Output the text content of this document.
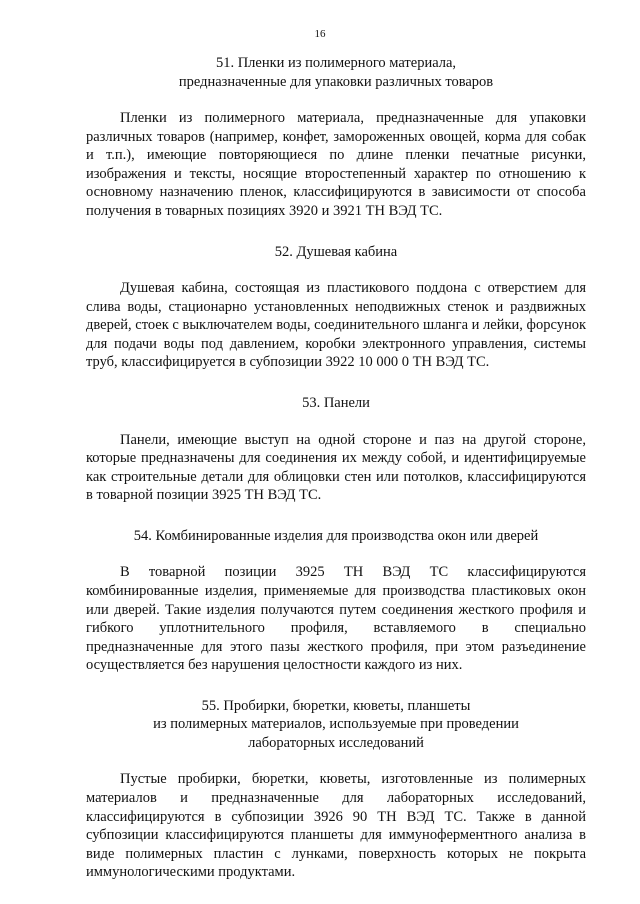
16
51. Пленки из полимерного материала,
предназначенные для упаковки различных товаров

Пленки из полимерного материала, предназначенные для упаковки различных товаров (например, конфет, замороженных овощей, корма для собак и т.п.), имеющие повторяющиеся по длине пленки печатные рисунки, изображения и тексты, носящие второстепенный характер по отношению к основному назначению пленок, классифицируются в зависимости от способа получения в товарных позициях 3920 и 3921 ТН ВЭД ТС.

52. Душевая кабина

Душевая кабина, состоящая из пластикового поддона с отверстием для слива воды, стационарно установленных неподвижных стенок и раздвижных дверей, стоек с выключателем воды, соединительного шланга и лейки, форсунок для подачи воды под давлением, коробки электронного управления, системы труб, классифицируется в субпозиции 3922 10 000 0 ТН ВЭД ТС.

53. Панели

Панели, имеющие выступ на одной стороне и паз на другой стороне, которые предназначены для соединения их между собой, и идентифицируемые как строительные детали для облицовки стен или потолков, классифицируются в товарной позиции 3925 ТН ВЭД ТС.

54. Комбинированные изделия для производства окон или дверей

В товарной позиции 3925 ТН ВЭД ТС классифицируются комбинированные изделия, применяемые для производства пластиковых окон или дверей. Такие изделия получаются путем соединения жесткого профиля и гибкого уплотнительного профиля, вставляемого в специально предназначенные для этого пазы жесткого профиля, при этом разъединение осуществляется без нарушения целостности каждого из них.

55. Пробирки, бюретки, кюветы, планшеты
из полимерных материалов, используемые при проведении
лабораторных исследований

Пустые пробирки, бюретки, кюветы, изготовленные из полимерных материалов и предназначенные для лабораторных исследований, классифицируются в субпозиции 3926 90 ТН ВЭД ТС. Также в данной субпозиции классифицируются планшеты для иммуноферментного анализа в виде полимерных пластин с лунками, поверхность которых не покрыта иммунологическими продуктами.
